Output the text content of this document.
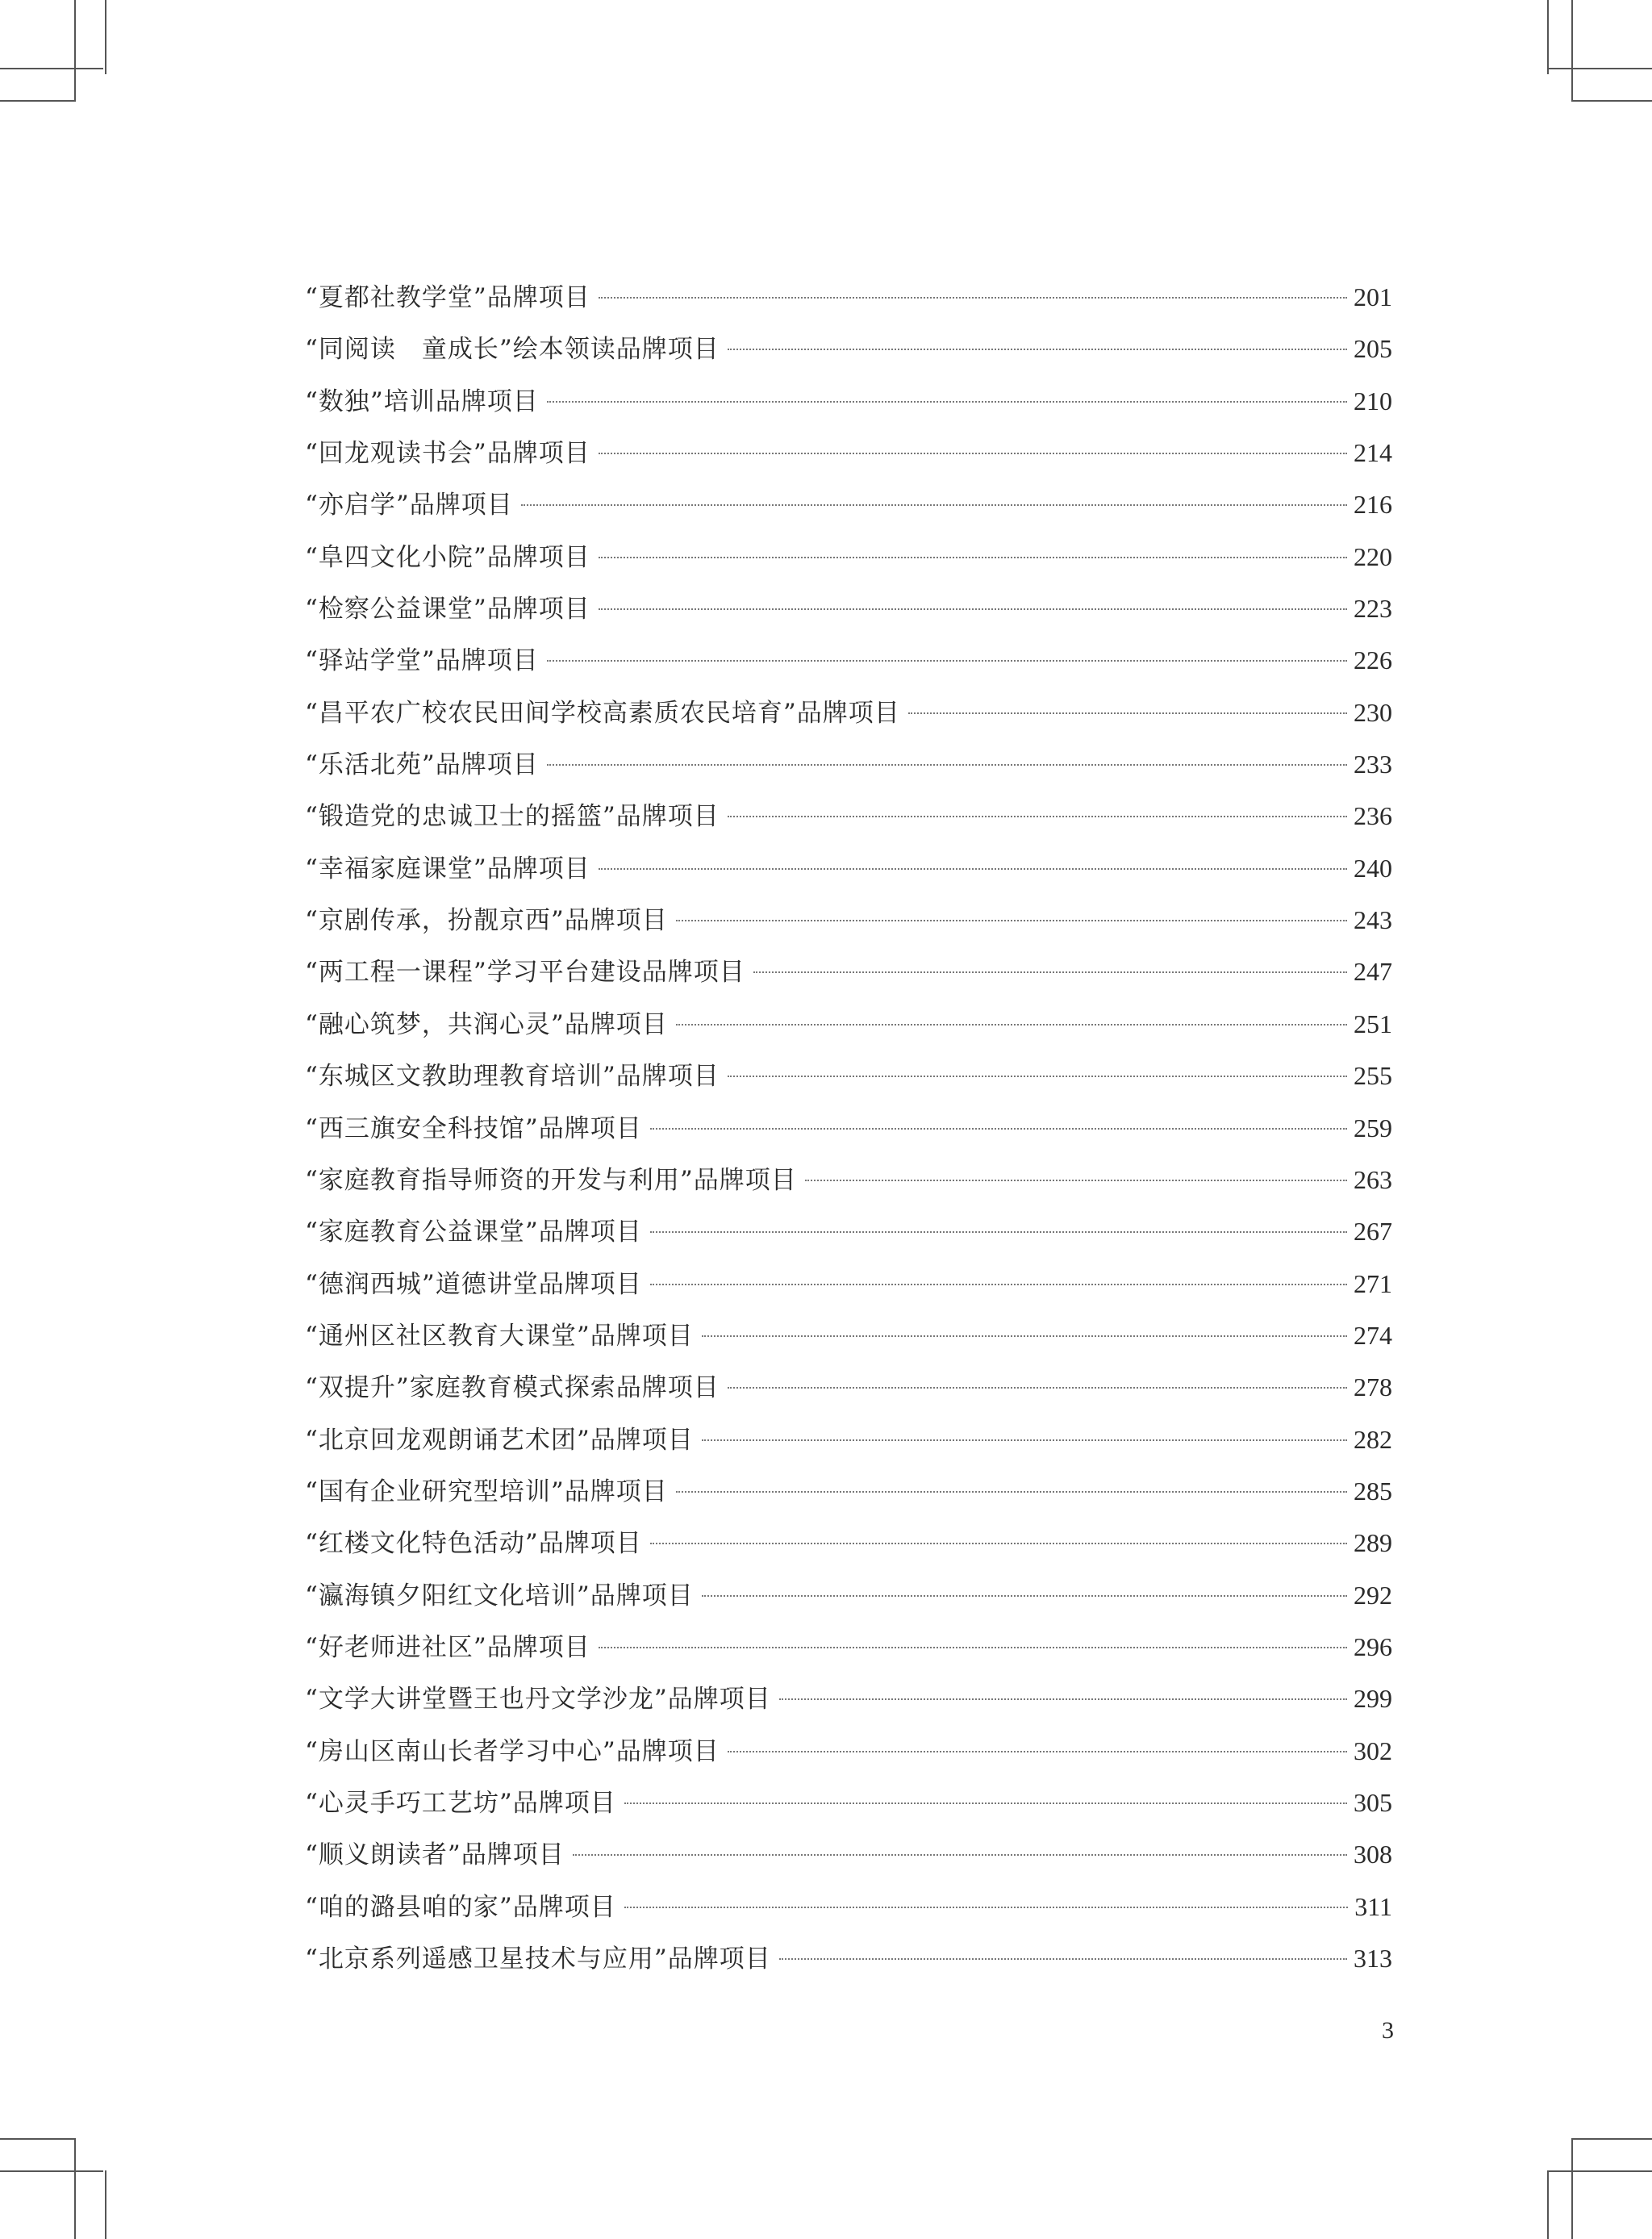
“夏都社教学堂”品牌项目	201
“同阅读　童成长”绘本领读品牌项目	205
“数独”培训品牌项目	210
“回龙观读书会”品牌项目	214
“亦启学”品牌项目	216
“阜四文化小院”品牌项目	220
“检察公益课堂”品牌项目	223
“驿站学堂”品牌项目	226
“昌平农广校农民田间学校高素质农民培育”品牌项目	230
“乐活北苑”品牌项目	233
“锻造党的忠诚卫士的摇篮”品牌项目	236
“幸福家庭课堂”品牌项目	240
“京剧传承，扮靓京西”品牌项目	243
“两工程一课程”学习平台建设品牌项目	247
“融心筑梦，共润心灵”品牌项目	251
“东城区文教助理教育培训”品牌项目	255
“西三旗安全科技馆”品牌项目	259
“家庭教育指导师资的开发与利用”品牌项目	263
“家庭教育公益课堂”品牌项目	267
“德润西城”道德讲堂品牌项目	271
“通州区社区教育大课堂”品牌项目	274
“双提升”家庭教育模式探索品牌项目	278
“北京回龙观朗诵艺术团”品牌项目	282
“国有企业研究型培训”品牌项目	285
“红楼文化特色活动”品牌项目	289
“瀛海镇夕阳红文化培训”品牌项目	292
“好老师进社区”品牌项目	296
“文学大讲堂暨王也丹文学沙龙”品牌项目	299
“房山区南山长者学习中心”品牌项目	302
“心灵手巧工艺坊”品牌项目	305
“顺义朗读者”品牌项目	308
“咱的潞县咱的家”品牌项目	311
“北京系列遥感卫星技术与应用”品牌项目	313
3
